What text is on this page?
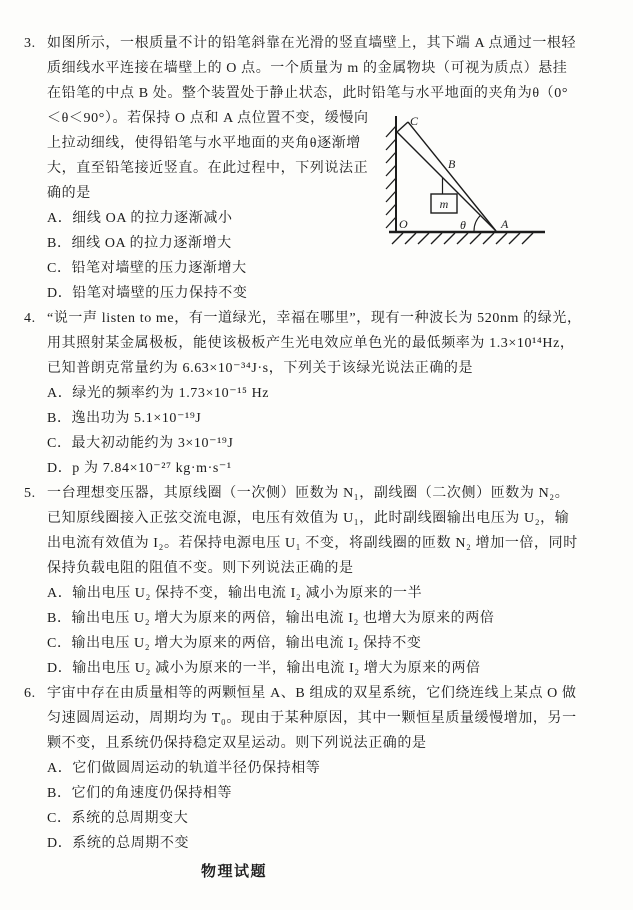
3. 如图所示，一根质量不计的铅笔斜靠在光滑的竖直墙壁上，其下端 A 点通过一根轻
质细线水平连接在墙壁上的 O 点。一个质量为 m 的金属物块（可视为质点）悬挂
在铅笔的中点 B 处。整个装置处于静止状态，此时铅笔与水平地面的夹角为θ（0°
＜θ＜90°）。若保持 O 点和 A 点位置不变，缓慢向
上拉动细线，使得铅笔与水平地面的夹角θ逐渐增
大，直至铅笔接近竖直。在此过程中，下列说法正
确的是
A．细线 OA 的拉力逐渐减小
B．细线 OA 的拉力逐渐增大
C．铅笔对墙壁的压力逐渐增大
D．铅笔对墙壁的压力保持不变
4. “说一声 listen to me，有一道绿光，幸福在哪里”，现有一种波长为 520nm 的绿光，
用其照射某金属极板，能使该极板产生光电效应单色光的最低频率为 1.3×10¹⁴Hz，
已知普朗克常量约为 6.63×10⁻³⁴J·s，下列关于该绿光说法正确的是
A．绿光的频率约为 1.73×10⁻¹⁵ Hz
B．逸出功为 5.1×10⁻¹⁹J
C．最大初动能约为 3×10⁻¹⁹J
D．p 为 7.84×10⁻²⁷ kg·m·s⁻¹
5. 一台理想变压器，其原线圈（一次侧）匝数为 N₁，副线圈（二次侧）匝数为 N₂。
已知原线圈接入正弦交流电源，电压有效值为 U₁，此时副线圈输出电压为 U₂，输
出电流有效值为 I₂。若保持电源电压 U₁ 不变，将副线圈的匝数 N₂ 增加一倍，同时
保持负载电阻的阻值不变。则下列说法正确的是
A．输出电压 U₂ 保持不变，输出电流 I₂ 减小为原来的一半
B．输出电压 U₂ 增大为原来的两倍，输出电流 I₂ 也增大为原来的两倍
C．输出电压 U₂ 增大为原来的两倍，输出电流 I₂ 保持不变
D．输出电压 U₂ 减小为原来的一半，输出电流 I₂ 增大为原来的两倍
6. 宇宙中存在由质量相等的两颗恒星 A、B 组成的双星系统，它们绕连线上某点 O 做
匀速圆周运动，周期均为 T₀。现由于某种原因，其中一颗恒星质量缓慢增加，另一
颗不变，且系统仍保持稳定双星运动。则下列说法正确的是
A．它们做圆周运动的轨道半径仍保持相等
B．它们的角速度仍保持相等
C．系统的总周期变大
D．系统的总周期不变
C
B
m
O	θ	A
物理试题
